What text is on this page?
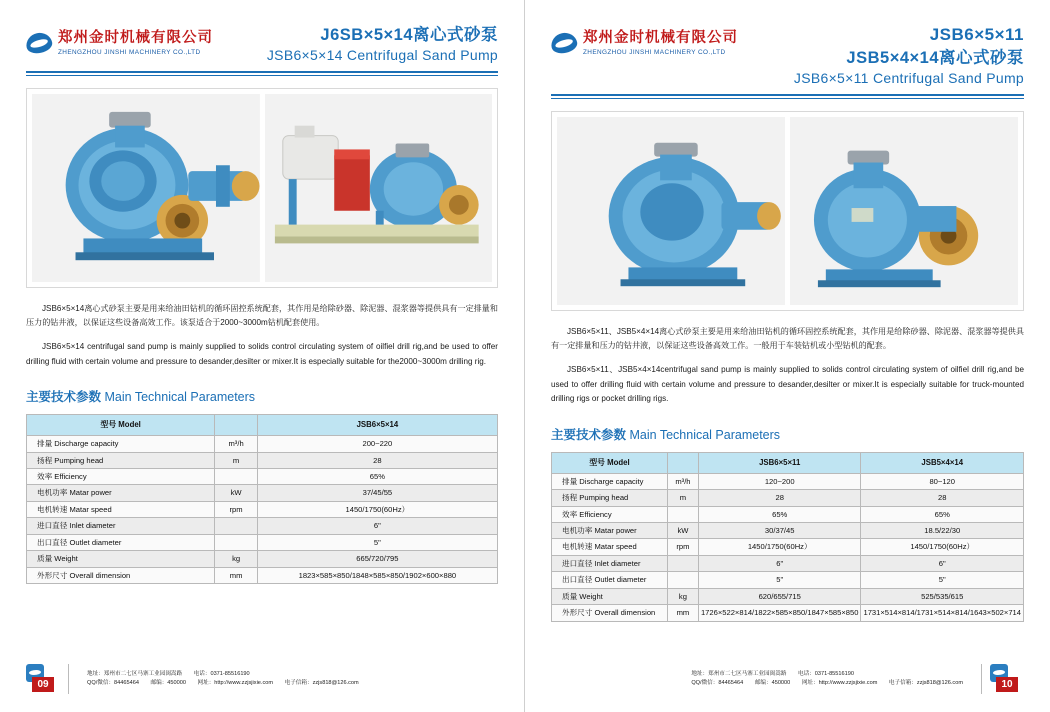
郑州金时机械有限公司
ZHENGZHOU JINSHI MACHINERY CO.,LTD
J6SB×5×14离心式砂泵
JSB6×5×14 Centrifugal Sand Pump
JSB6×5×14离心式砂泵主要是用来给油田钻机的循环固控系统配套，其作用是给除砂器、除泥器、混浆器等提供具有一定排量和压力的钻井液，以保证这些设备高效工作。该泵适合于2000~3000m钻机配套使用。
JSB6×5×14 centrifugal sand pump is mainly supplied to solids control circulating system of oilfiel drill rig,and be used to offer drilling fluid with certain volume and pressure to desander,desilter or mixer.It is especially suitable for the2000~3000m drilling rig.
主要技术参数 Main Technical Parameters
型号 Model		JSB6×5×14
排量 Discharge capacity	m³/h	200~220
扬程 Pumping head	m	28
效率 Efficiency		65%
电机功率 Matar power	kW	37/45/55
电机转速 Matar speed	rpm	1450/1750(60Hz）
进口直径 Inlet diameter		6"
出口直径 Outlet diameter		5"
质量 Weight	kg	665/720/795
外形尺寸 Overall dimension	mm	1823×585×850/1848×585×850/1902×600×880
09
地址：郑州市二七区马寨工业园闽嵩路 电话：0371-85516190
QQ/微信：84465464 邮编：450000 网址：http://www.zzjsjixie.com 电子信箱：zzjs818@126.com
郑州金时机械有限公司
ZHENGZHOU JINSHI MACHINERY CO.,LTD
JSB6×5×11
JSB5×4×14离心式砂泵
JSB6×5×11 Centrifugal Sand Pump
JSB6×5×11、JSB5×4×14离心式砂泵主要是用来给油田钻机的循环固控系统配套，其作用是给除砂器、除泥器、混浆器等提供具有一定排量和压力的钻井液，以保证这些设备高效工作。一般用于车装钻机或小型钻机的配套。
JSB6×5×11、JSB5×4×14centrifugal sand pump is mainly supplied to solids control circulating system of oilfiel drill rig,and be used to offer drilling fluid with certain volume and pressure to desander,desilter or mixer.It is especially suitable for truck-mounted drilling rigs or pocket drilling rigs.
主要技术参数 Main Technical Parameters
型号 Model		JSB6×5×11	JSB5×4×14
排量 Discharge capacity	m³/h	120~200	80~120
扬程 Pumping head	m	28	28
效率 Efficiency		65%	65%
电机功率 Matar power	kW	30/37/45	18.5/22/30
电机转速 Matar speed	rpm	1450/1750(60Hz）	1450/1750(60Hz）
进口直径 Inlet diameter		6"	6"
出口直径 Outlet diameter		5"	5"
质量 Weight	kg	620/655/715	525/535/615
外形尺寸 Overall dimension	mm	1726×522×814/1822×585×850/1847×585×850	1731×514×814/1731×514×814/1643×502×714
地址：郑州市二七区马寨工业园闽嵩路 电话：0371-85516190
QQ/微信：84465464 邮编：450000 网址：http://www.zzjsjixie.com 电子信箱：zzjs818@126.com	10
